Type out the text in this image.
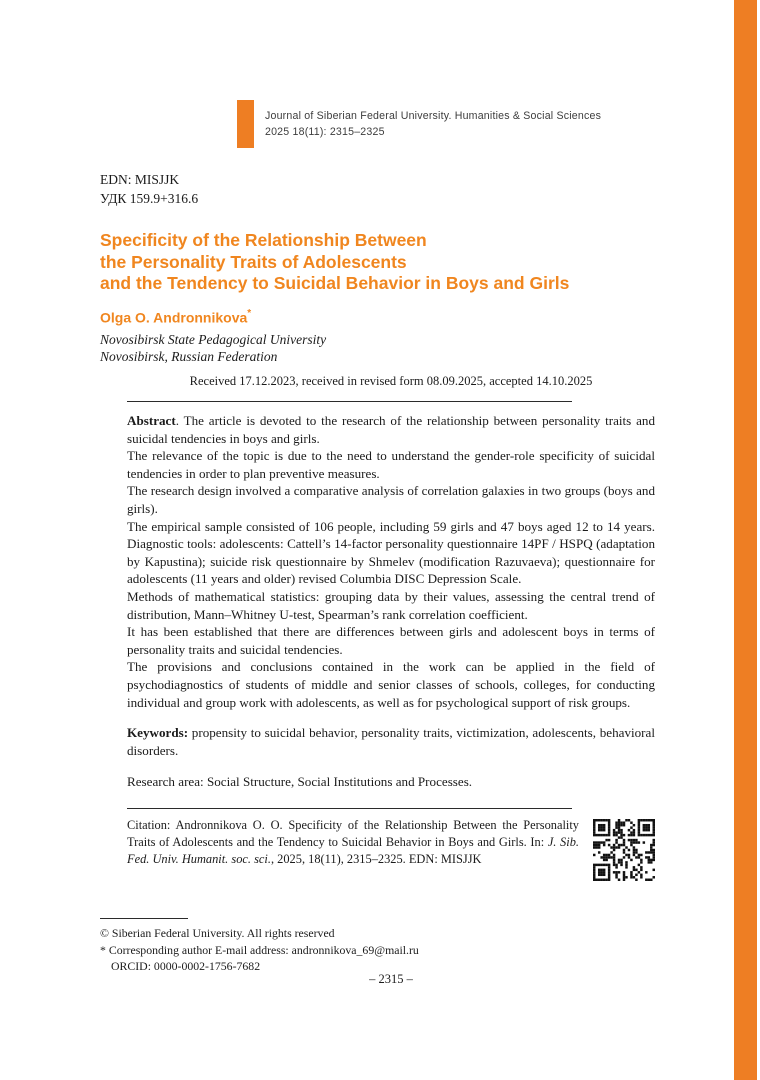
Journal of Siberian Federal University. Humanities & Social Sciences
2025 18(11): 2315–2325
EDN: MISJJK
УДК 159.9+316.6
Specificity of the Relationship Between
the Personality Traits of Adolescents
and the Tendency to Suicidal Behavior in Boys and Girls
Olga O. Andronnikova*
Novosibirsk State Pedagogical University
Novosibirsk, Russian Federation

Received 17.12.2023, received in revised form 08.09.2025, accepted 14.10.2025

Abstract. The article is devoted to the research of the relationship between personality traits and suicidal tendencies in boys and girls.

The relevance of the topic is due to the need to understand the gender-role specificity of suicidal tendencies in order to plan preventive measures.

The research design involved a comparative analysis of correlation galaxies in two groups (boys and girls).

The empirical sample consisted of 106 people, including 59 girls and 47 boys aged 12 to 14 years. Diagnostic tools: adolescents: Cattell’s 14-factor personality questionnaire 14PF / HSPQ (adaptation by Kapustina); suicide risk questionnaire by Shmelev (modification Razuvaeva); questionnaire for adolescents (11 years and older) revised Columbia DISC Depression Scale.

Methods of mathematical statistics: grouping data by their values, assessing the central trend of distribution, Mann–Whitney U-test, Spearman’s rank correlation coefficient.

It has been established that there are differences between girls and adolescent boys in terms of personality traits and suicidal tendencies.

The provisions and conclusions contained in the work can be applied in the field of psychodiagnostics of students of middle and senior classes of schools, colleges, for conducting individual and group work with adolescents, as well as for psychological support of risk groups.

Keywords: propensity to suicidal behavior, personality traits, victimization, adolescents, behavioral disorders.

Research area: Social Structure, Social Institutions and Processes.

Citation: Andronnikova O. O. Specificity of the Relationship Between the Personality Traits of Adolescents and the Tendency to Suicidal Behavior in Boys and Girls. In: J. Sib. Fed. Univ. Humanit. soc. sci., 2025, 18(11), 2315–2325. EDN: MISJJK

© Siberian Federal University. All rights reserved

* Corresponding author E-mail address: andronnikova_69@mail.ru

ORCID: 0000-0002-1756-7682

– 2315 –
